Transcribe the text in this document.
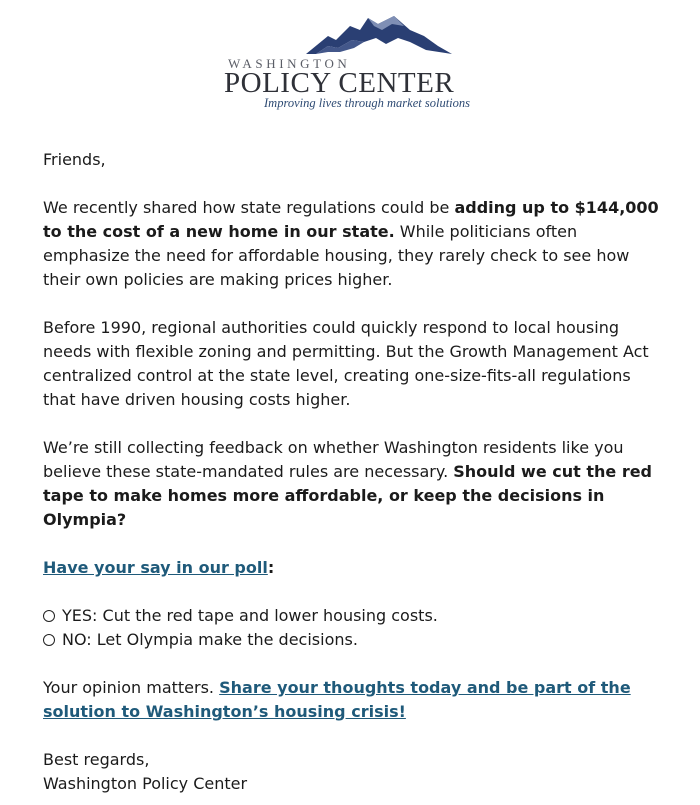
WASHINGTON
POLICY CENTER
Improving lives through market solutions

Friends,

We recently shared how state regulations could be adding up to $144,000 to the cost of a new home in our state. While politicians often emphasize the need for affordable housing, they rarely check to see how their own policies are making prices higher.

Before 1990, regional authorities could quickly respond to local housing needs with flexible zoning and permitting. But the Growth Management Act centralized control at the state level, creating one-size-fits-all regulations that have driven housing costs higher.

We’re still collecting feedback on whether Washington residents like you believe these state-mandated rules are necessary. Should we cut the red tape to make homes more affordable, or keep the decisions in Olympia?

Have your say in our poll:

YES: Cut the red tape and lower housing costs.
NO: Let Olympia make the decisions.

Your opinion matters. Share your thoughts today and be part of the solution to Washington’s housing crisis!

Best regards,

Washington Policy Center
